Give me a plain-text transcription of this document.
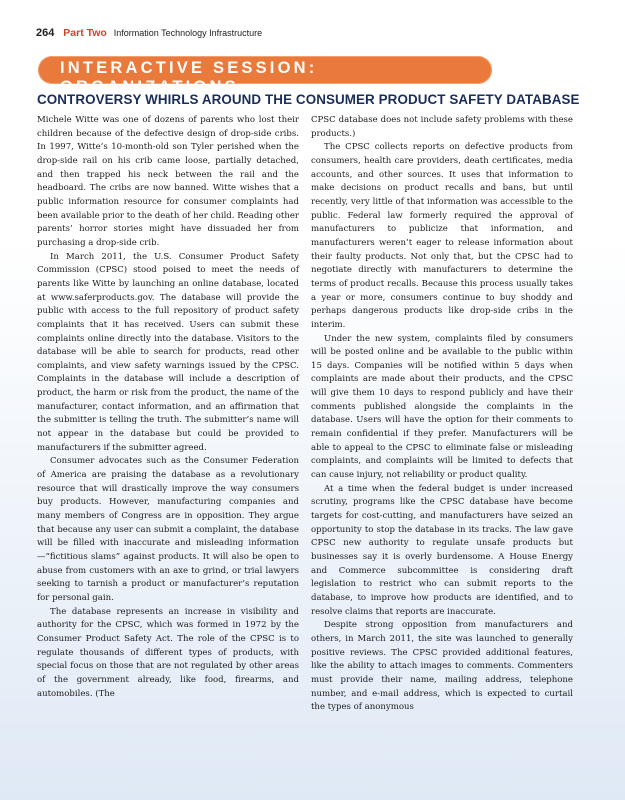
264 Part Two Information Technology Infrastructure
INTERACTIVE SESSION: ORGANIZATIONS
CONTROVERSY WHIRLS AROUND THE CONSUMER PRODUCT SAFETY DATABASE

Michele Witte was one of dozens of parents who lost their children because of the defective design of drop-side cribs. In 1997, Witte’s 10-month-old son Tyler perished when the drop-side rail on his crib came loose, partially detached, and then trapped his neck between the rail and the headboard. The cribs are now banned. Witte wishes that a public information resource for consumer complaints had been available prior to the death of her child. Reading other parents’ horror stories might have dissuaded her from purchasing a drop-side crib.

In March 2011, the U.S. Consumer Product Safety Commission (CPSC) stood poised to meet the needs of parents like Witte by launching an online database, located at www.saferproducts.gov. The database will provide the public with access to the full repository of product safety complaints that it has received. Users can submit these complaints online directly into the database. Visitors to the database will be able to search for products, read other complaints, and view safety warnings issued by the CPSC. Complaints in the database will include a description of product, the harm or risk from the product, the name of the manufacturer, contact information, and an affirmation that the submitter is telling the truth. The submitter’s name will not appear in the database but could be provided to manufacturers if the submitter agreed.

Consumer advocates such as the Consumer Federation of America are praising the database as a revolutionary resource that will drastically improve the way consumers buy products. However, manufacturing companies and many members of Congress are in opposition. They argue that because any user can submit a complaint, the database will be filled with inaccurate and misleading information—“fictitious slams” against products. It will also be open to abuse from customers with an axe to grind, or trial lawyers seeking to tarnish a product or manufacturer’s reputation for personal gain.

The database represents an increase in visibility and authority for the CPSC, which was formed in 1972 by the Consumer Product Safety Act. The role of the CPSC is to regulate thousands of different types of products, with special focus on those that are not regulated by other areas of the government already, like food, firearms, and automobiles. (The

CPSC database does not include safety problems with these products.)

The CPSC collects reports on defective products from consumers, health care providers, death certificates, media accounts, and other sources. It uses that information to make decisions on product recalls and bans, but until recently, very little of that information was accessible to the public. Federal law formerly required the approval of manufacturers to publicize that information, and manufacturers weren’t eager to release information about their faulty products. Not only that, but the CPSC had to negotiate directly with manufacturers to determine the terms of product recalls. Because this process usually takes a year or more, consumers continue to buy shoddy and perhaps dangerous products like drop-side cribs in the interim.

Under the new system, complaints filed by consumers will be posted online and be available to the public within 15 days. Companies will be notified within 5 days when complaints are made about their products, and the CPSC will give them 10 days to respond publicly and have their comments published alongside the complaints in the database. Users will have the option for their comments to remain confidential if they prefer. Manufacturers will be able to appeal to the CPSC to eliminate false or misleading complaints, and complaints will be limited to defects that can cause injury, not reliability or product quality.

At a time when the federal budget is under increased scrutiny, programs like the CPSC database have become targets for cost-cutting, and manufacturers have seized an opportunity to stop the database in its tracks. The law gave CPSC new authority to regulate unsafe products but businesses say it is overly burdensome. A House Energy and Commerce subcommittee is considering draft legislation to restrict who can submit reports to the database, to improve how products are identified, and to resolve claims that reports are inaccurate.

Despite strong opposition from manufacturers and others, in March 2011, the site was launched to generally positive reviews. The CPSC provided additional features, like the ability to attach images to comments. Commenters must provide their name, mailing address, telephone number, and e-mail address, which is expected to curtail the types of anonymous
